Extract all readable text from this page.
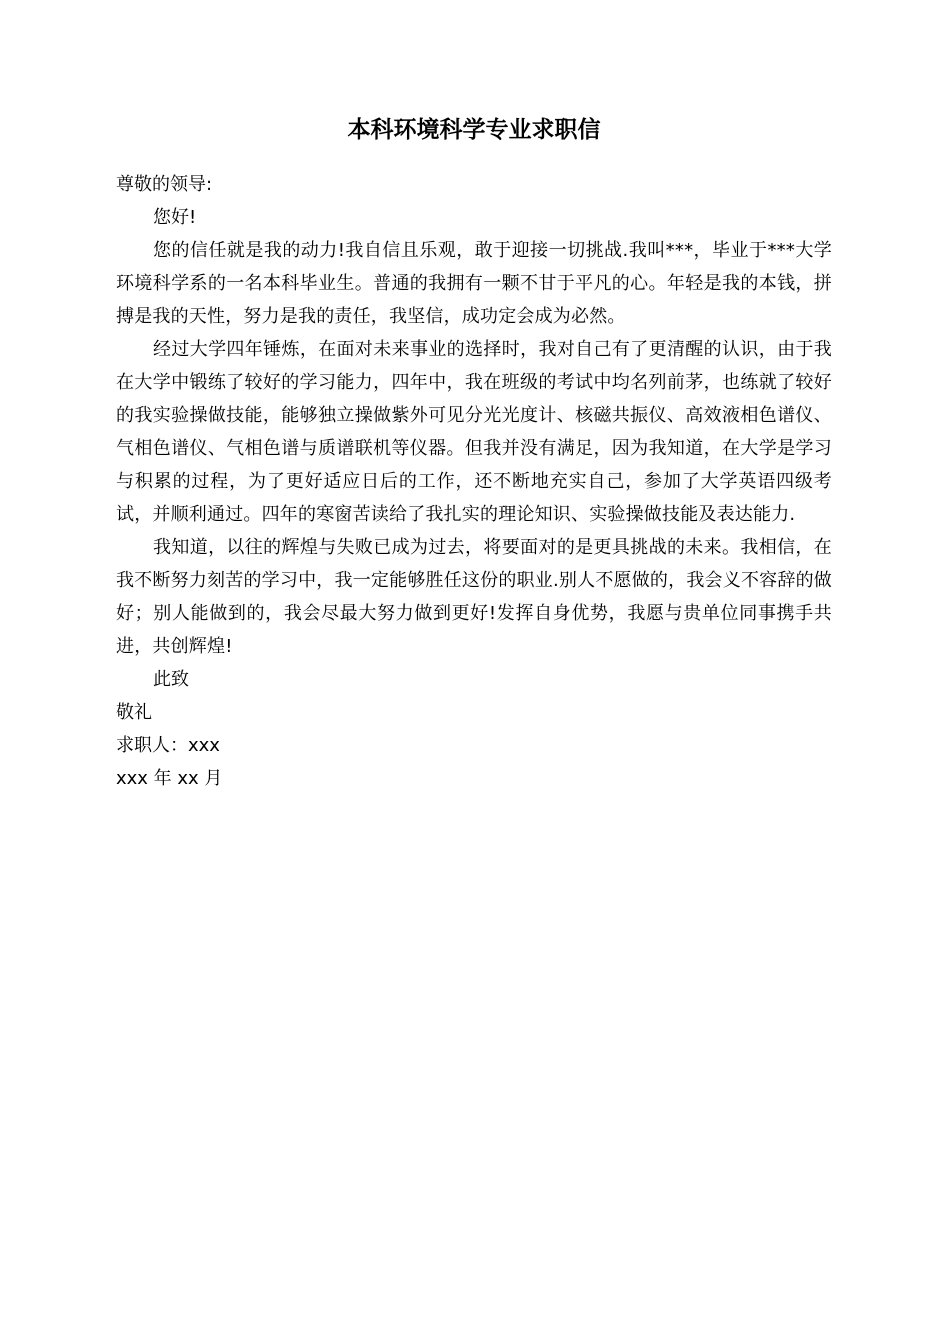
本科环境科学专业求职信

尊敬的领导:

您好!

您的信任就是我的动力!我自信且乐观，敢于迎接一切挑战.我叫***，毕业于***大学环境科学系的一名本科毕业生。普通的我拥有一颗不甘于平凡的心。年轻是我的本钱，拼搏是我的天性，努力是我的责任，我坚信，成功定会成为必然。

经过大学四年锤炼，在面对未来事业的选择时，我对自己有了更清醒的认识，由于我在大学中锻练了较好的学习能力，四年中，我在班级的考试中均名列前茅，也练就了较好的我实验操做技能，能够独立操做紫外可见分光光度计、核磁共振仪、高效液相色谱仪、气相色谱仪、气相色谱与质谱联机等仪器。但我并没有满足，因为我知道，在大学是学习与积累的过程，为了更好适应日后的工作，还不断地充实自己，参加了大学英语四级考试，并顺利通过。四年的寒窗苦读给了我扎实的理论知识、实验操做技能及表达能力.

我知道，以往的辉煌与失败已成为过去，将要面对的是更具挑战的未来。我相信，在我不断努力刻苦的学习中，我一定能够胜任这份的职业.别人不愿做的，我会义不容辞的做好；别人能做到的，我会尽最大努力做到更好!发挥自身优势，我愿与贵单位同事携手共进，共创辉煌!

此致

敬礼

求职人：xxx

xxx 年 xx 月
